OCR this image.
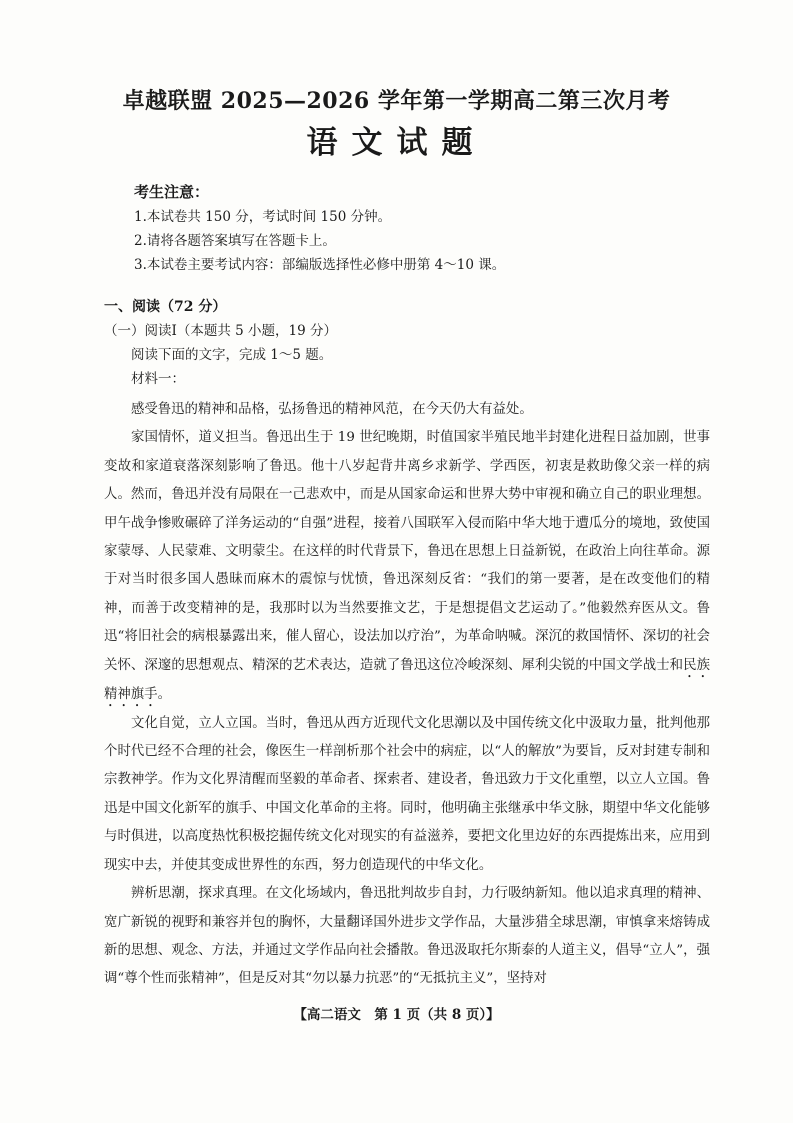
卓越联盟 2025—2026 学年第一学期高二第三次月考
语文试题
考生注意：
1.本试卷共 150 分，考试时间 150 分钟。
2.请将各题答案填写在答题卡上。
3.本试卷主要考试内容：部编版选择性必修中册第 4～10 课。
一、阅读（72 分）
（一）阅读Ⅰ（本题共 5 小题，19 分）
阅读下面的文字，完成 1～5 题。
材料一：

感受鲁迅的精神和品格，弘扬鲁迅的精神风范，在今天仍大有益处。

家国情怀，道义担当。鲁迅出生于 19 世纪晚期，时值国家半殖民地半封建化进程日益加剧，世事变故和家道衰落深刻影响了鲁迅。他十八岁起背井离乡求新学、学西医，初衷是救助像父亲一样的病人。然而，鲁迅并没有局限在一己悲欢中，而是从国家命运和世界大势中审视和确立自己的职业理想。甲午战争惨败碾碎了洋务运动的“自强”进程，接着八国联军入侵而陷中华大地于遭瓜分的境地，致使国家蒙辱、人民蒙难、文明蒙尘。在这样的时代背景下，鲁迅在思想上日益新锐，在政治上向往革命。源于对当时很多国人愚昧而麻木的震惊与忧愤，鲁迅深刻反省：“我们的第一要著，是在改变他们的精神，而善于改变精神的是，我那时以为当然要推文艺，于是想提倡文艺运动了。”他毅然弃医从文。鲁迅“将旧社会的病根暴露出来，催人留心，设法加以疗治”，为革命呐喊。深沉的救国情怀、深切的社会关怀、深邃的思想观点、精深的艺术表达，造就了鲁迅这位冷峻深刻、犀利尖锐的中国文学战士和民族精神旗手。

文化自觉，立人立国。当时，鲁迅从西方近现代文化思潮以及中国传统文化中汲取力量，批判他那个时代已经不合理的社会，像医生一样剖析那个社会中的病症，以“人的解放”为要旨，反对封建专制和宗教神学。作为文化界清醒而坚毅的革命者、探索者、建设者，鲁迅致力于文化重塑，以立人立国。鲁迅是中国文化新军的旗手、中国文化革命的主将。同时，他明确主张继承中华文脉，期望中华文化能够与时俱进，以高度热忱积极挖掘传统文化对现实的有益滋养，要把文化里边好的东西提炼出来，应用到现实中去，并使其变成世界性的东西，努力创造现代的中华文化。

辨析思潮，探求真理。在文化场域内，鲁迅批判故步自封，力行吸纳新知。他以追求真理的精神、宽广新锐的视野和兼容并包的胸怀，大量翻译国外进步文学作品，大量涉猎全球思潮，审慎拿来熔铸成新的思想、观念、方法，并通过文学作品向社会播散。鲁迅汲取托尔斯泰的人道主义，倡导“立人”，强调“尊个性而张精神”，但是反对其“勿以暴力抗恶”的“无抵抗主义”，坚持对

【高二语文　第 1 页（共 8 页）】
